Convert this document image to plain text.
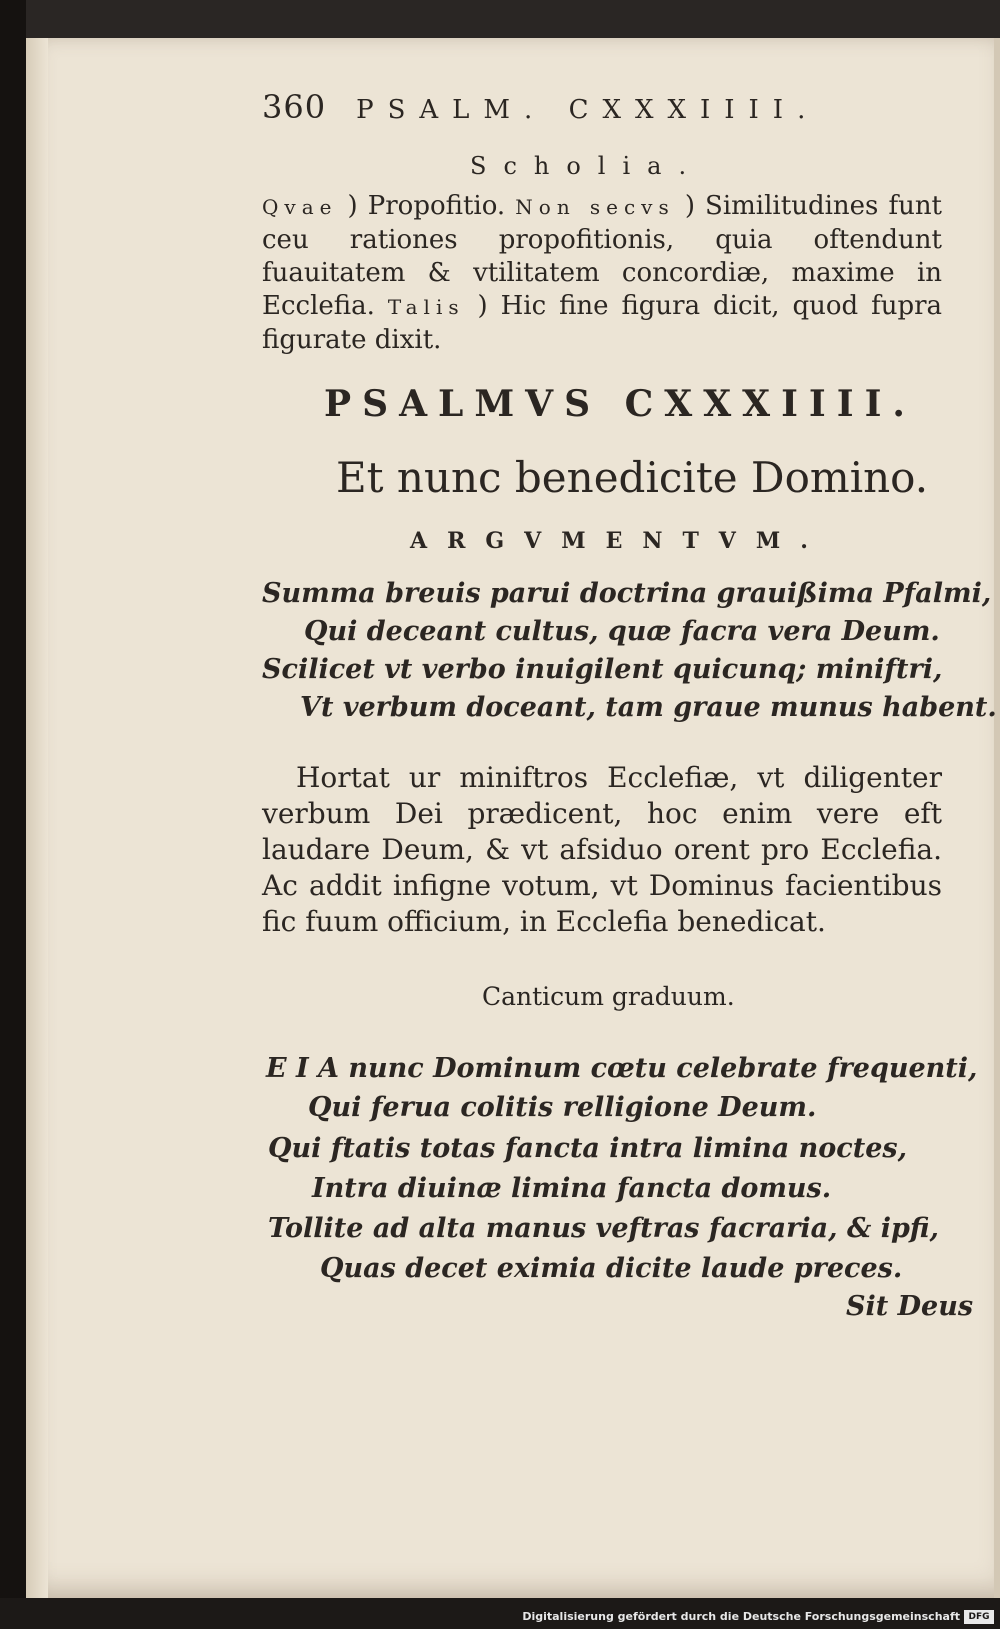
360 PSALM. CXXXIIII.
Scholia.
Qvae ) Propofitio. Non secvs ) Similitudines funt ceu rationes propofitionis, quia oftendunt fuauitatem & vtilitatem concordiæ, maxime in Ecclefia. Talis ) Hic fine figura dicit, quod fupra figurate dixit.
PSALMVS CXXXIIII.
Et nunc benedicite Domino.
ARGVMENTVM.
Summa breuis parui doctrina grauißima Pfalmi,
Qui deceant cultus, quæ facra vera Deum.
Scilicet vt verbo inuigilent quicunq; miniftri,
Vt verbum doceant, tam graue munus habent.
Hortat ur miniftros Ecclefiæ, vt diligenter verbum Dei prædicent, hoc enim vere eft laudare Deum, & vt afsiduo orent pro Ecclefia. Ac addit infigne votum, vt Dominus facientibus fic fuum officium, in Ecclefia benedicat.
Canticum graduum.
E I A nunc Dominum cœtu celebrate frequenti,
Qui ferua colitis relligione Deum.
Qui ftatis totas fancta intra limina noctes,
Intra diuinæ limina fancta domus.
Tollite ad alta manus veftras facraria, & ipfi,
Quas decet eximia dicite laude preces.
Sit Deus
Digitalisierung gefördert durch die Deutsche Forschungsgemeinschaft DFG
